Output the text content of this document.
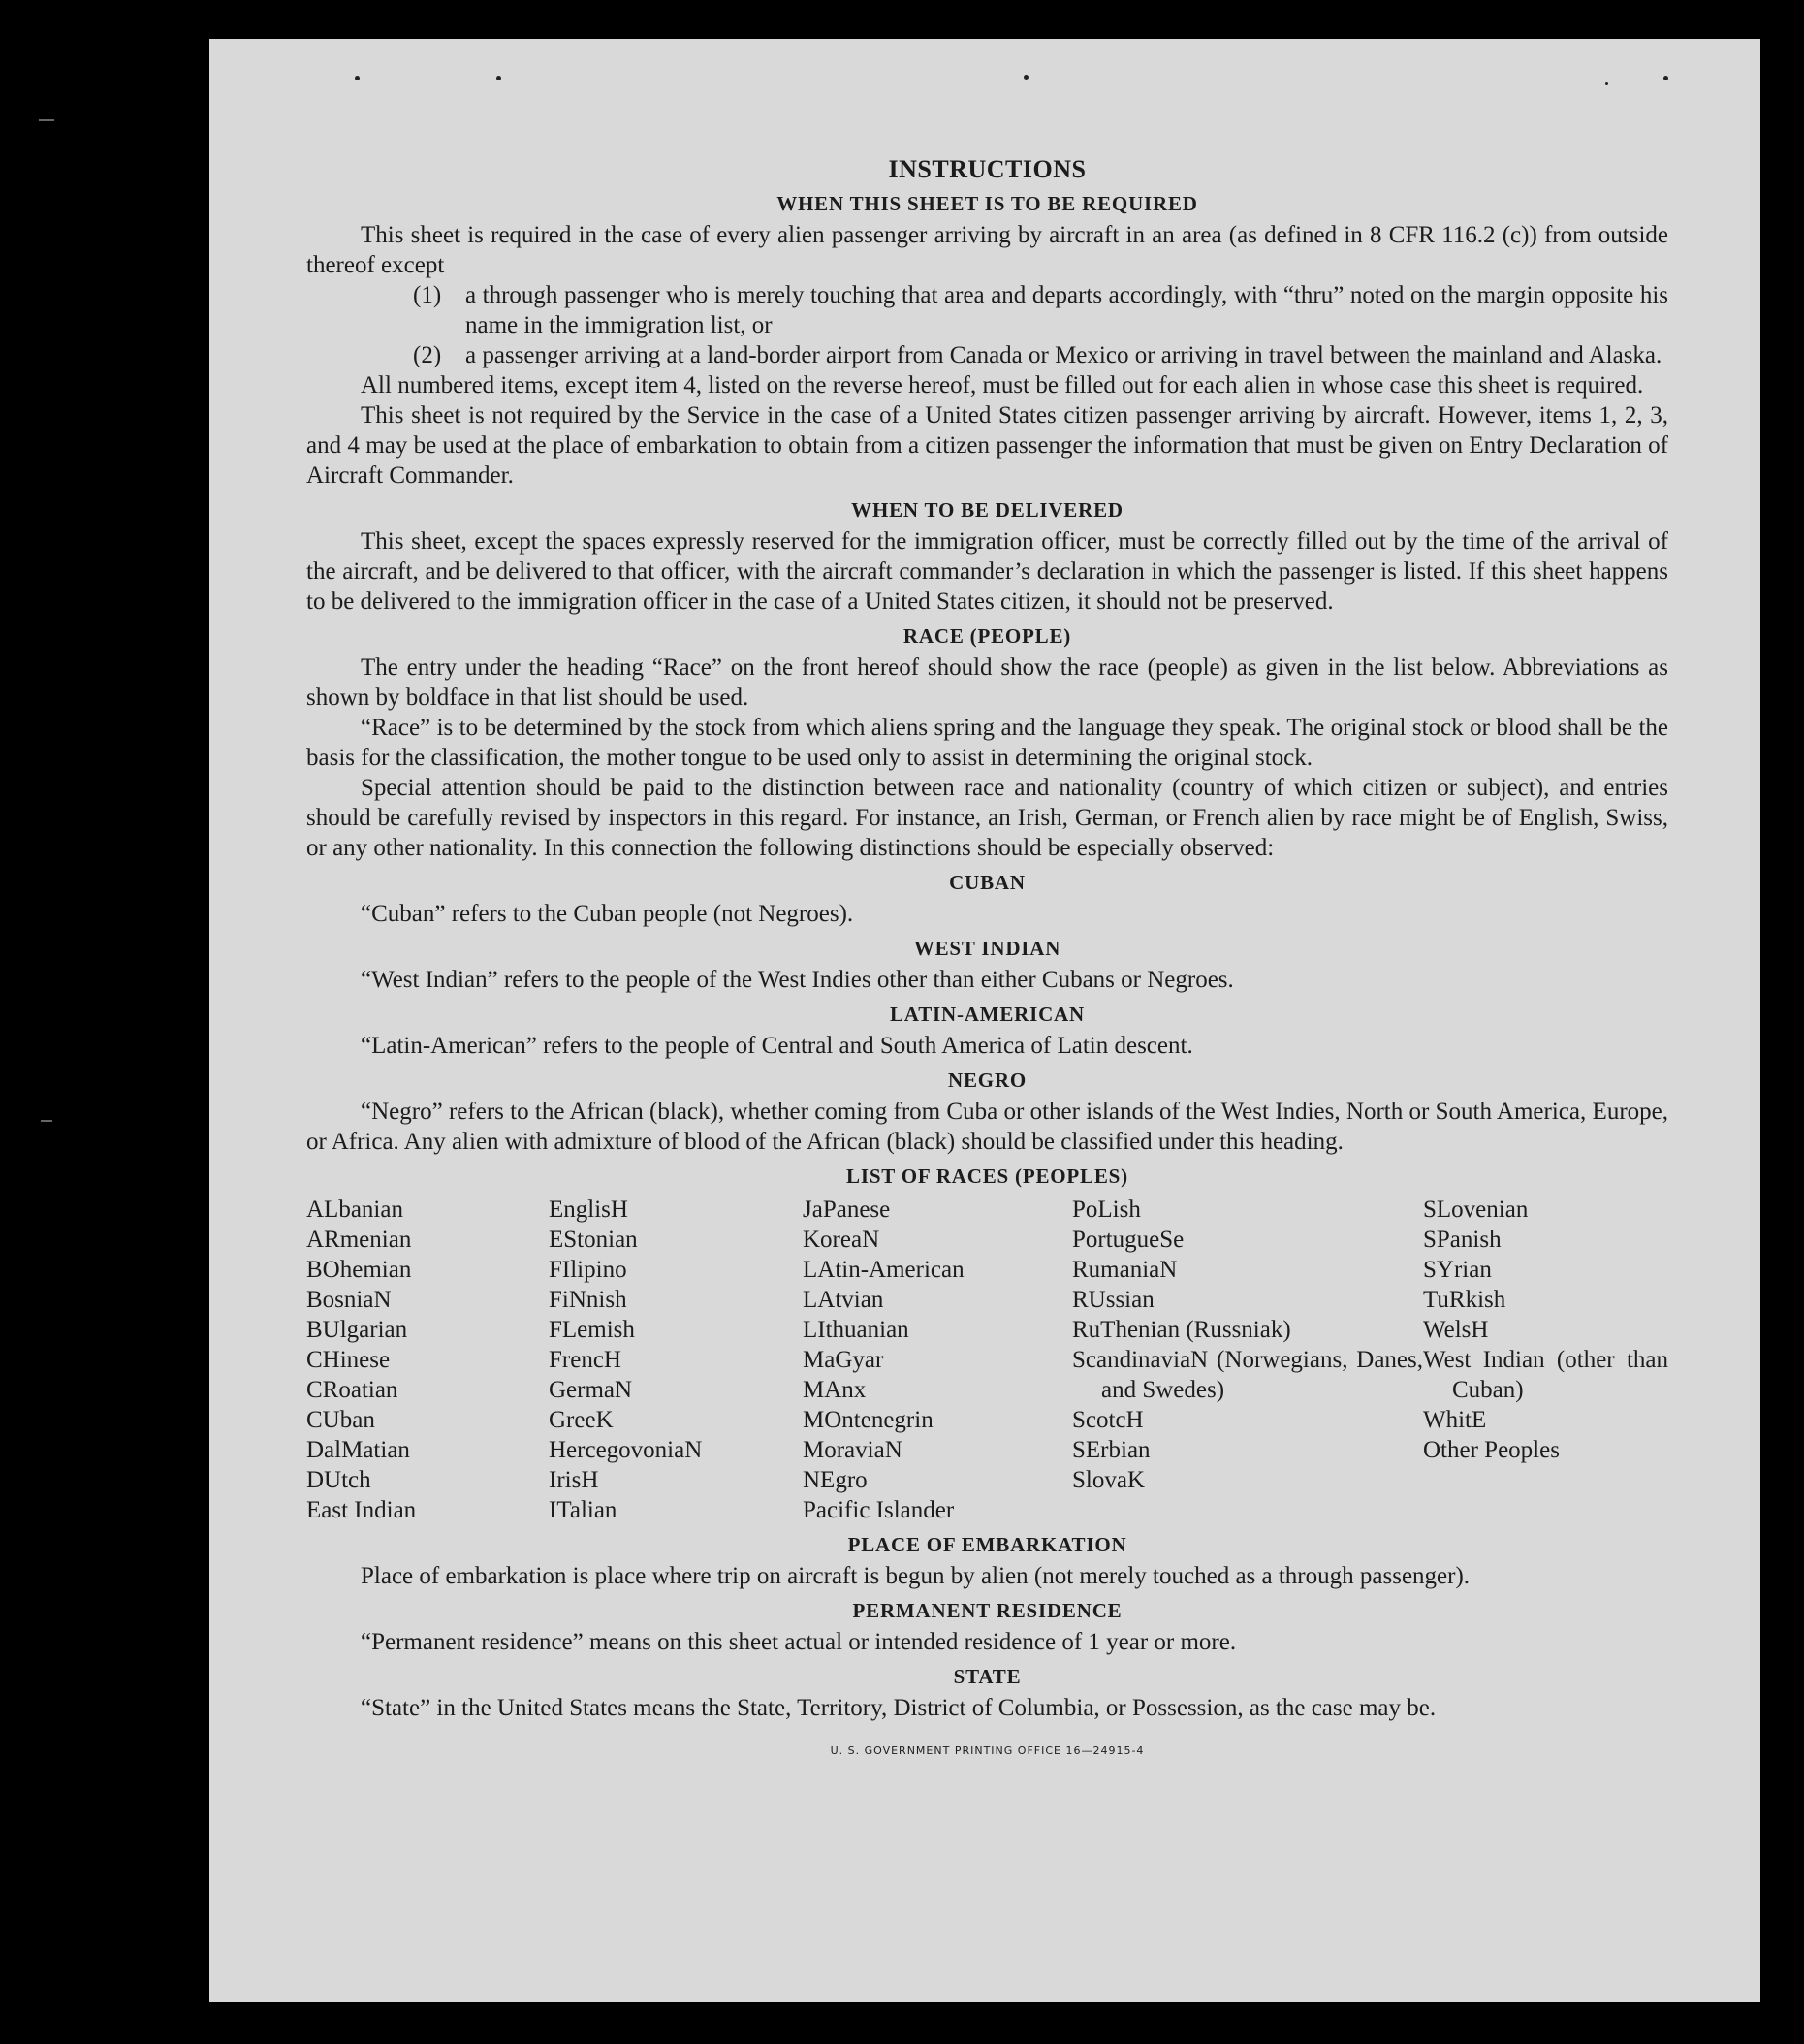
INSTRUCTIONS
WHEN THIS SHEET IS TO BE REQUIRED

This sheet is required in the case of every alien passenger arriving by aircraft in an area (as defined in 8 CFR 116.2 (c)) from outside thereof except

(1) a through passenger who is merely touching that area and departs accordingly, with “thru” noted on the margin opposite his name in the immigration list, or
(2) a passenger arriving at a land-border airport from Canada or Mexico or arriving in travel between the mainland and Alaska.

All numbered items, except item 4, listed on the reverse hereof, must be filled out for each alien in whose case this sheet is required.

This sheet is not required by the Service in the case of a United States citizen passenger arriving by aircraft. However, items 1, 2, 3, and 4 may be used at the place of embarkation to obtain from a citizen passenger the information that must be given on Entry Declaration of Aircraft Commander.

WHEN TO BE DELIVERED

This sheet, except the spaces expressly reserved for the immigration officer, must be correctly filled out by the time of the arrival of the aircraft, and be delivered to that officer, with the aircraft commander’s declaration in which the passenger is listed. If this sheet happens to be delivered to the immigration officer in the case of a United States citizen, it should not be preserved.

RACE (PEOPLE)

The entry under the heading “Race” on the front hereof should show the race (people) as given in the list below. Abbreviations as shown by boldface in that list should be used.

“Race” is to be determined by the stock from which aliens spring and the language they speak. The original stock or blood shall be the basis for the classification, the mother tongue to be used only to assist in determining the original stock.

Special attention should be paid to the distinction between race and nationality (country of which citizen or subject), and entries should be carefully revised by inspectors in this regard. For instance, an Irish, German, or French alien by race might be of English, Swiss, or any other nationality. In this connection the following distinctions should be especially observed:

CUBAN

“Cuban” refers to the Cuban people (not Negroes).

WEST INDIAN

“West Indian” refers to the people of the West Indies other than either Cubans or Negroes.

LATIN-AMERICAN

“Latin-American” refers to the people of Central and South America of Latin descent.

NEGRO

“Negro” refers to the African (black), whether coming from Cuba or other islands of the West Indies, North or South America, Europe, or Africa. Any alien with admixture of blood of the African (black) should be classified under this heading.

LIST OF RACES (PEOPLES)
ALbanian
ARmenian
BOhemian
BosniaN
BUlgarian
CHinese
CRoatian
CUban
DalMatian
DUtch
East Indian
EnglisH
EStonian
FIlipino
FiNnish
FLemish
FrencH
GermaN
GreeK
HercegovoniaN
IrisH
ITalian
JaPanese
KoreaN
LAtin-American
LAtvian
LIthuanian
MaGyar
MAnx
MOntenegrin
MoraviaN
NEgro
Pacific Islander
PoLish
PortugueSe
RumaniaN
RUssian
RuThenian (Russniak)
ScandinaviaN (Norwegians, Danes, and Swedes)
ScotcH
SErbian
SlovaK
SLovenian
SPanish
SYrian
TuRkish
WelsH
West Indian (other than Cuban)
WhitE
Other Peoples
PLACE OF EMBARKATION

Place of embarkation is place where trip on aircraft is begun by alien (not merely touched as a through passenger).

PERMANENT RESIDENCE

“Permanent residence” means on this sheet actual or intended residence of 1 year or more.

STATE

“State” in the United States means the State, Territory, District of Columbia, or Possession, as the case may be.

U. S. GOVERNMENT PRINTING OFFICE 16—24915-4
